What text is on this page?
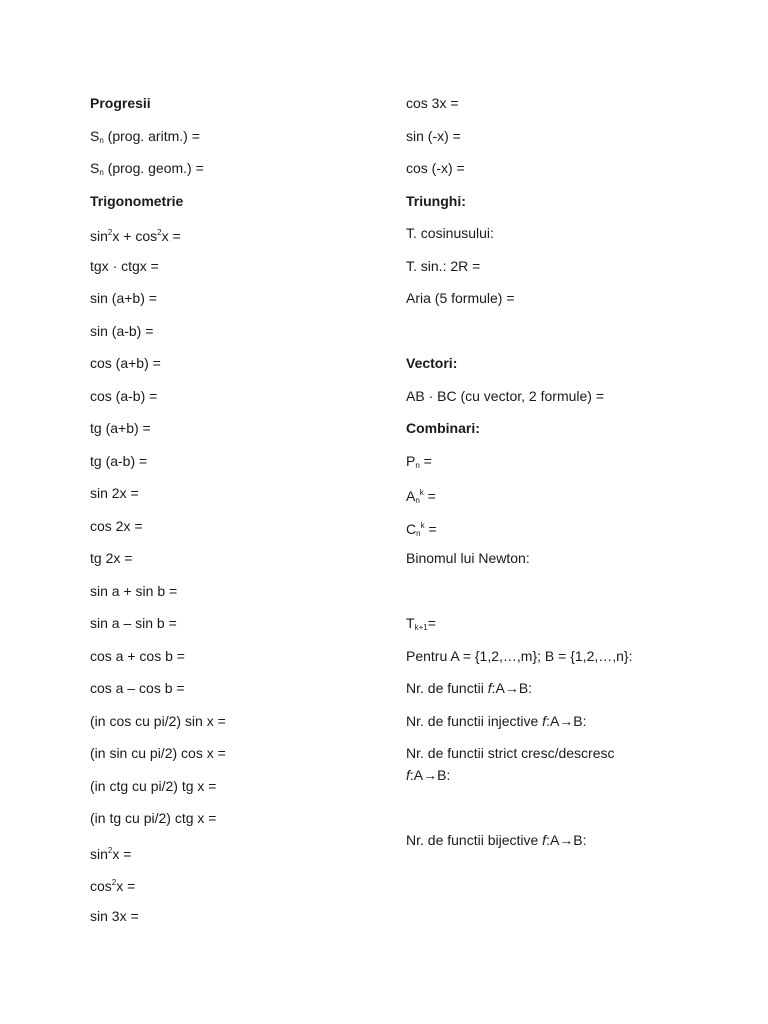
Progresii
$S_n$ (prog. aritm.) =
$S_n$ (prog. geom.) =
Trigonometrie
$\sin^2x + \cos^2x$ =
tgx · ctgx =
sin (a+b) =
sin (a-b) =
cos (a+b) =
cos (a-b) =
tg (a+b) =
tg (a-b) =
sin 2x =
cos 2x =
tg 2x =
sin a + sin b =
sin a – sin b =
cos a + cos b =
cos a – cos b =
(in cos cu pi/2) sin x =
(in sin cu pi/2) cos x =
(in ctg cu pi/2) tg x =
(in tg cu pi/2) ctg x =
$\sin^2x$ =
$\cos^2x$ =
sin 3x =
cos 3x =
sin (-x) =
cos (-x) =
Triunghi:
T. cosinusului:
T. sin.: 2R =
Aria (5 formule) =
Vectori:
AB · BC (cu vector, 2 formule) =
Combinari:
$P_n$ =
$A_n^k$ =
$C_n^k$ =
Binomul lui Newton:
$T_{k+1}=$
Pentru A = {1,2,…,m}; B = {1,2,…,n}:
Nr. de functii f:A→B:
Nr. de functii injective f:A→B:
Nr. de functii strict cresc/descresc f:A→B:
Nr. de functii bijective f:A→B:
